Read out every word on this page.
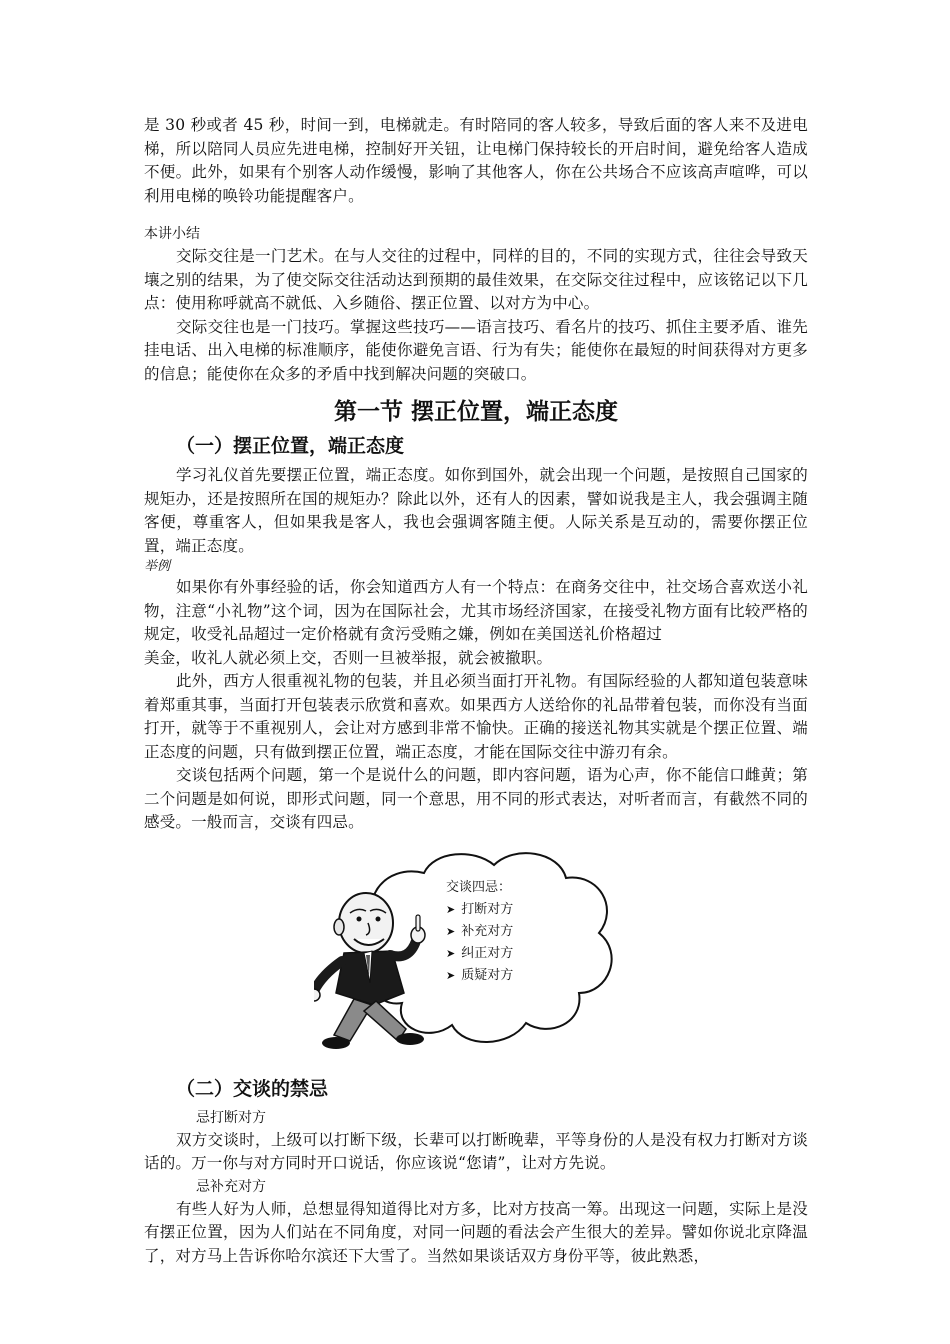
是 30 秒或者 45 秒，时间一到，电梯就走。有时陪同的客人较多，导致后面的客人来不及进电梯，所以陪同人员应先进电梯，控制好开关钮，让电梯门保持较长的开启时间，避免给客人造成不便。此外，如果有个别客人动作缓慢，影响了其他客人，你在公共场合不应该高声喧哗，可以利用电梯的唤铃功能提醒客户。

本讲小结

交际交往是一门艺术。在与人交往的过程中，同样的目的，不同的实现方式，往往会导致天壤之别的结果，为了使交际交往活动达到预期的最佳效果，在交际交往过程中，应该铭记以下几点：使用称呼就高不就低、入乡随俗、摆正位置、以对方为中心。

交际交往也是一门技巧。掌握这些技巧——语言技巧、看名片的技巧、抓住主要矛盾、谁先挂电话、出入电梯的标准顺序，能使你避免言语、行为有失；能使你在最短的时间获得对方更多的信息；能使你在众多的矛盾中找到解决问题的突破口。

第一节 摆正位置，端正态度
（一）摆正位置，端正态度

学习礼仪首先要摆正位置，端正态度。如你到国外，就会出现一个问题，是按照自己国家的规矩办，还是按照所在国的规矩办？除此以外，还有人的因素，譬如说我是主人，我会强调主随客便，尊重客人，但如果我是客人，我也会强调客随主便。人际关系是互动的，需要你摆正位置，端正态度。

举例

如果你有外事经验的话，你会知道西方人有一个特点：在商务交往中，社交场合喜欢送小礼物，注意“小礼物”这个词，因为在国际社会，尤其市场经济国家，在接受礼物方面有比较严格的规定，收受礼品超过一定价格就有贪污受贿之嫌，例如在美国送礼价格超过

美金，收礼人就必须上交，否则一旦被举报，就会被撤职。

此外，西方人很重视礼物的包装，并且必须当面打开礼物。有国际经验的人都知道包装意味着郑重其事，当面打开包装表示欣赏和喜欢。如果西方人送给你的礼品带着包装，而你没有当面打开，就等于不重视别人，会让对方感到非常不愉快。正确的接送礼物其实就是个摆正位置、端正态度的问题，只有做到摆正位置，端正态度，才能在国际交往中游刃有余。

交谈包括两个问题，第一个是说什么的问题，即内容问题，语为心声，你不能信口雌黄；第二个问题是如何说，即形式问题，同一个意思，用不同的形式表达，对听者而言，有截然不同的感受。一般而言，交谈有四忌。

交谈四忌：
➤ 打断对方
➤ 补充对方
➤ 纠正对方
➤ 质疑对方
（二）交谈的禁忌

忌打断对方

双方交谈时，上级可以打断下级，长辈可以打断晚辈，平等身份的人是没有权力打断对方谈话的。万一你与对方同时开口说话，你应该说“您请”，让对方先说。

忌补充对方

有些人好为人师，总想显得知道得比对方多，比对方技高一筹。出现这一问题，实际上是没有摆正位置，因为人们站在不同角度，对同一问题的看法会产生很大的差异。譬如你说北京降温了，对方马上告诉你哈尔滨还下大雪了。当然如果谈话双方身份平等，彼此熟悉，
